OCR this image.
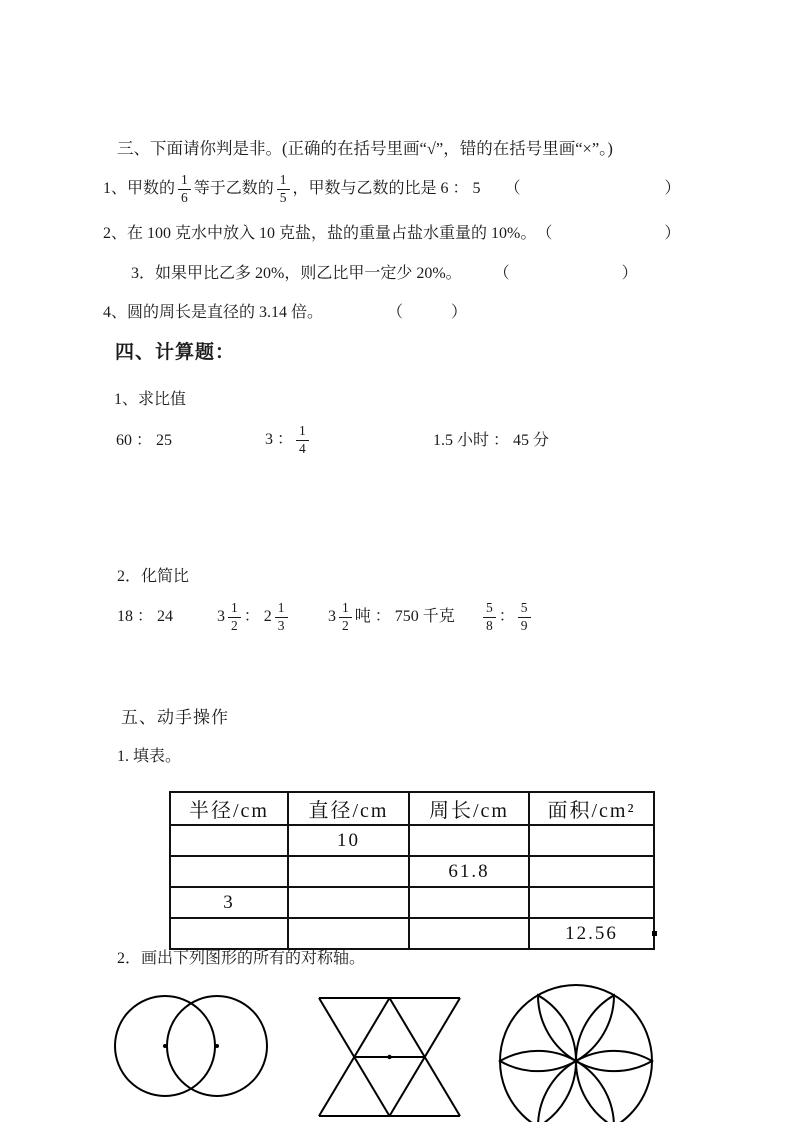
三、下面请你判是非。(正确的在括号里画“√”，错的在括号里画“×”。)
1、甲数的 $\frac{1}{6}$ 等于乙数的 $\frac{1}{5}$ ，甲数与乙数的比是 6 ： 5　　（　　　　　　　　　）
2、在 100 克水中放入 10 克盐，盐的重量占盐水重量的 10%。　（　　　　　　　）
3．如果甲比乙多 20%，则乙比甲一定少 20%。　　　（　　　　　　　）
4、圆的周长是直径的 3.14 倍。　　　　　（　　　）
四、计算题：
1、求比值
60 ： 25	3 ： $\frac{1}{4}$	1.5 小时 ： 45 分
2．化简比
18 ： 24	$3 \frac{1}{2}$ ： $2 \frac{1}{3}$	$3 \frac{1}{2}$ 吨 ： 750 千克 $\frac{5}{8}$ ： $\frac{5}{9}$
五、动手操作
1. 填表。
半径/cm	直径/cm	周长/cm	面积/cm²
	10		
		61.8	
3			
			12.56
2．画出下列图形的所有的对称轴。
